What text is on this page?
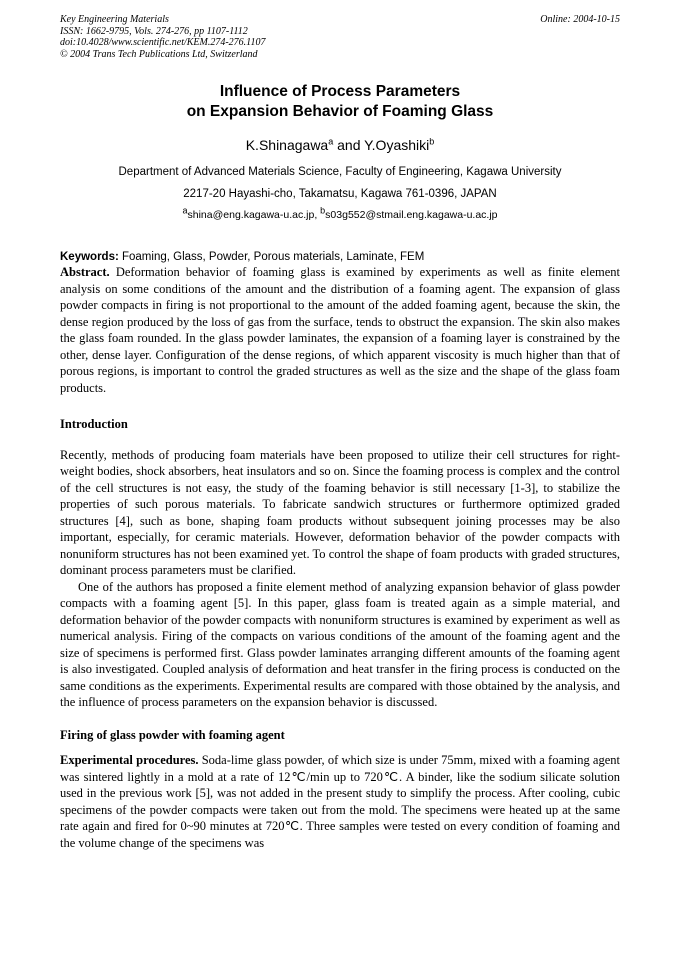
Key Engineering Materials
ISSN: 1662-9795, Vols. 274-276, pp 1107-1112
doi:10.4028/www.scientific.net/KEM.274-276.1107
© 2004 Trans Tech Publications Ltd, Switzerland
Online: 2004-10-15
Influence of Process Parameters
on Expansion Behavior of Foaming Glass
K.Shinagawa$^a$ and Y.Oyashiki$^b$
Department of Advanced Materials Science, Faculty of Engineering, Kagawa University
2217-20 Hayashi-cho, Takamatsu, Kagawa 761-0396, JAPAN
$^a$shina@eng.kagawa-u.ac.jp, $^b$s03g552@stmail.eng.kagawa-u.ac.jp
Keywords: Foaming, Glass, Powder, Porous materials, Laminate, FEM

Abstract. Deformation behavior of foaming glass is examined by experiments as well as finite element analysis on some conditions of the amount and the distribution of a foaming agent. The expansion of glass powder compacts in firing is not proportional to the amount of the added foaming agent, because the skin, the dense region produced by the loss of gas from the surface, tends to obstruct the expansion. The skin also makes the glass foam rounded. In the glass powder laminates, the expansion of a foaming layer is constrained by the other, dense layer. Configuration of the dense regions, of which apparent viscosity is much higher than that of porous regions, is important to control the graded structures as well as the size and the shape of the glass foam products.

Introduction

Recently, methods of producing foam materials have been proposed to utilize their cell structures for right-weight bodies, shock absorbers, heat insulators and so on. Since the foaming process is complex and the control of the cell structures is not easy, the study of the foaming behavior is still necessary [1-3], to stabilize the properties of such porous materials. To fabricate sandwich structures or furthermore optimized graded structures [4], such as bone, shaping foam products without subsequent joining processes may be also important, especially, for ceramic materials. However, deformation behavior of the powder compacts with nonuniform structures has not been examined yet. To control the shape of foam products with graded structures, dominant process parameters must be clarified.

One of the authors has proposed a finite element method of analyzing expansion behavior of glass powder compacts with a foaming agent [5]. In this paper, glass foam is treated again as a simple material, and deformation behavior of the powder compacts with nonuniform structures is examined by experiment as well as numerical analysis. Firing of the compacts on various conditions of the amount of the foaming agent and the size of specimens is performed first. Glass powder laminates arranging different amounts of the foaming agent is also investigated. Coupled analysis of deformation and heat transfer in the firing process is conducted on the same conditions as the experiments. Experimental results are compared with those obtained by the analysis, and the influence of process parameters on the expansion behavior is discussed.

Firing of glass powder with foaming agent

Experimental procedures. Soda-lime glass powder, of which size is under 75mm, mixed with a foaming agent was sintered lightly in a mold at a rate of 12℃/min up to 720℃. A binder, like the sodium silicate solution used in the previous work [5], was not added in the present study to simplify the process. After cooling, cubic specimens of the powder compacts were taken out from the mold. The specimens were heated up at the same rate again and fired for 0~90 minutes at 720℃. Three samples were tested on every condition of foaming and the volume change of the specimens was
